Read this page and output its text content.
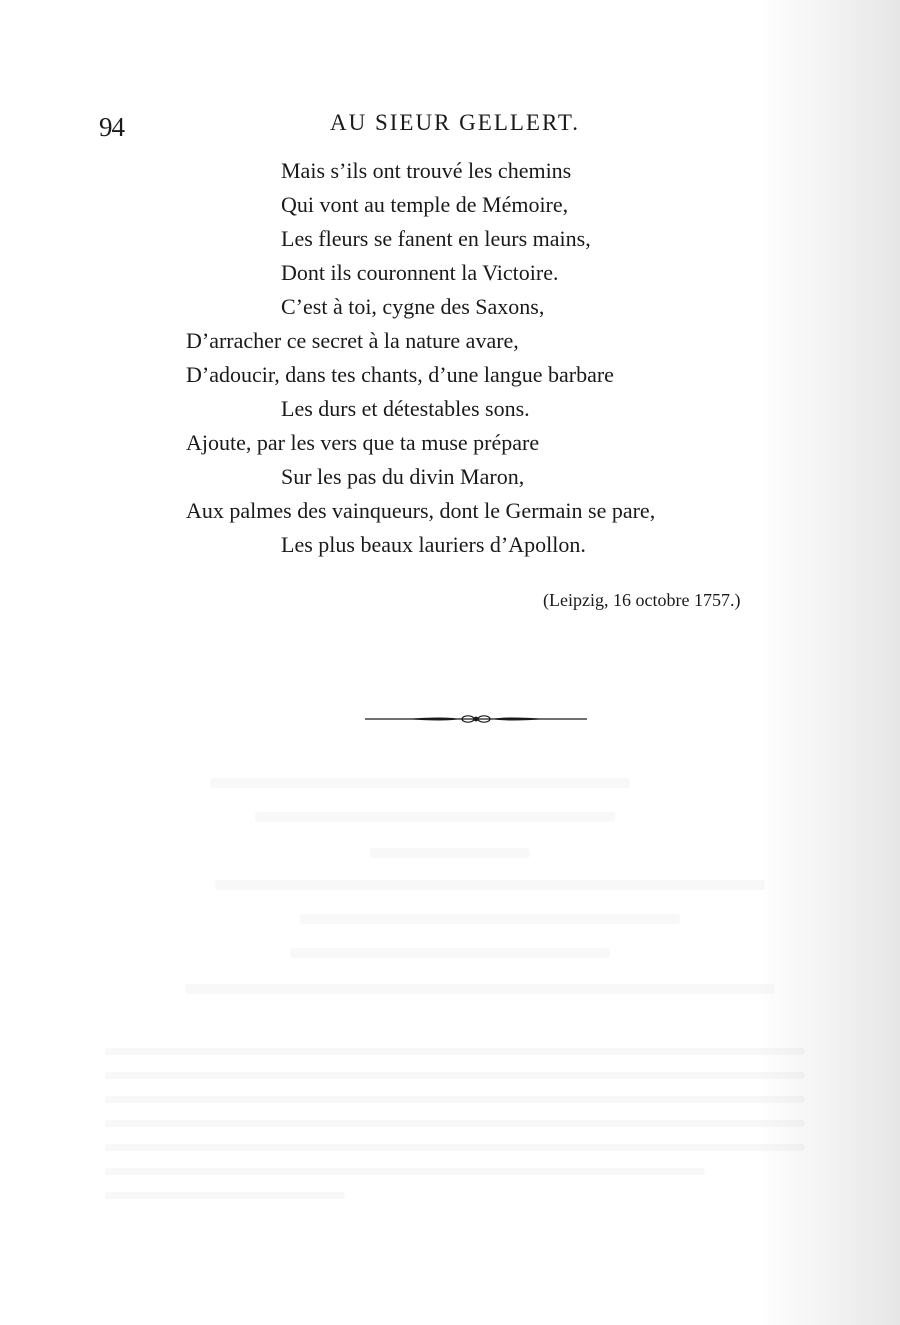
94	AU SIEUR GELLERT.
Mais s’ils ont trouvé les chemins
Qui vont au temple de Mémoire,
Les fleurs se fanent en leurs mains,
Dont ils couronnent la Victoire.
C’est à toi, cygne des Saxons,
D’arracher ce secret à la nature avare,
D’adoucir, dans tes chants, d’une langue barbare
Les durs et détestables sons.
Ajoute, par les vers que ta muse prépare
Sur les pas du divin Maron,
Aux palmes des vainqueurs, dont le Germain se pare,
Les plus beaux lauriers d’Apollon.
(Leipzig, 16 octobre 1757.)
